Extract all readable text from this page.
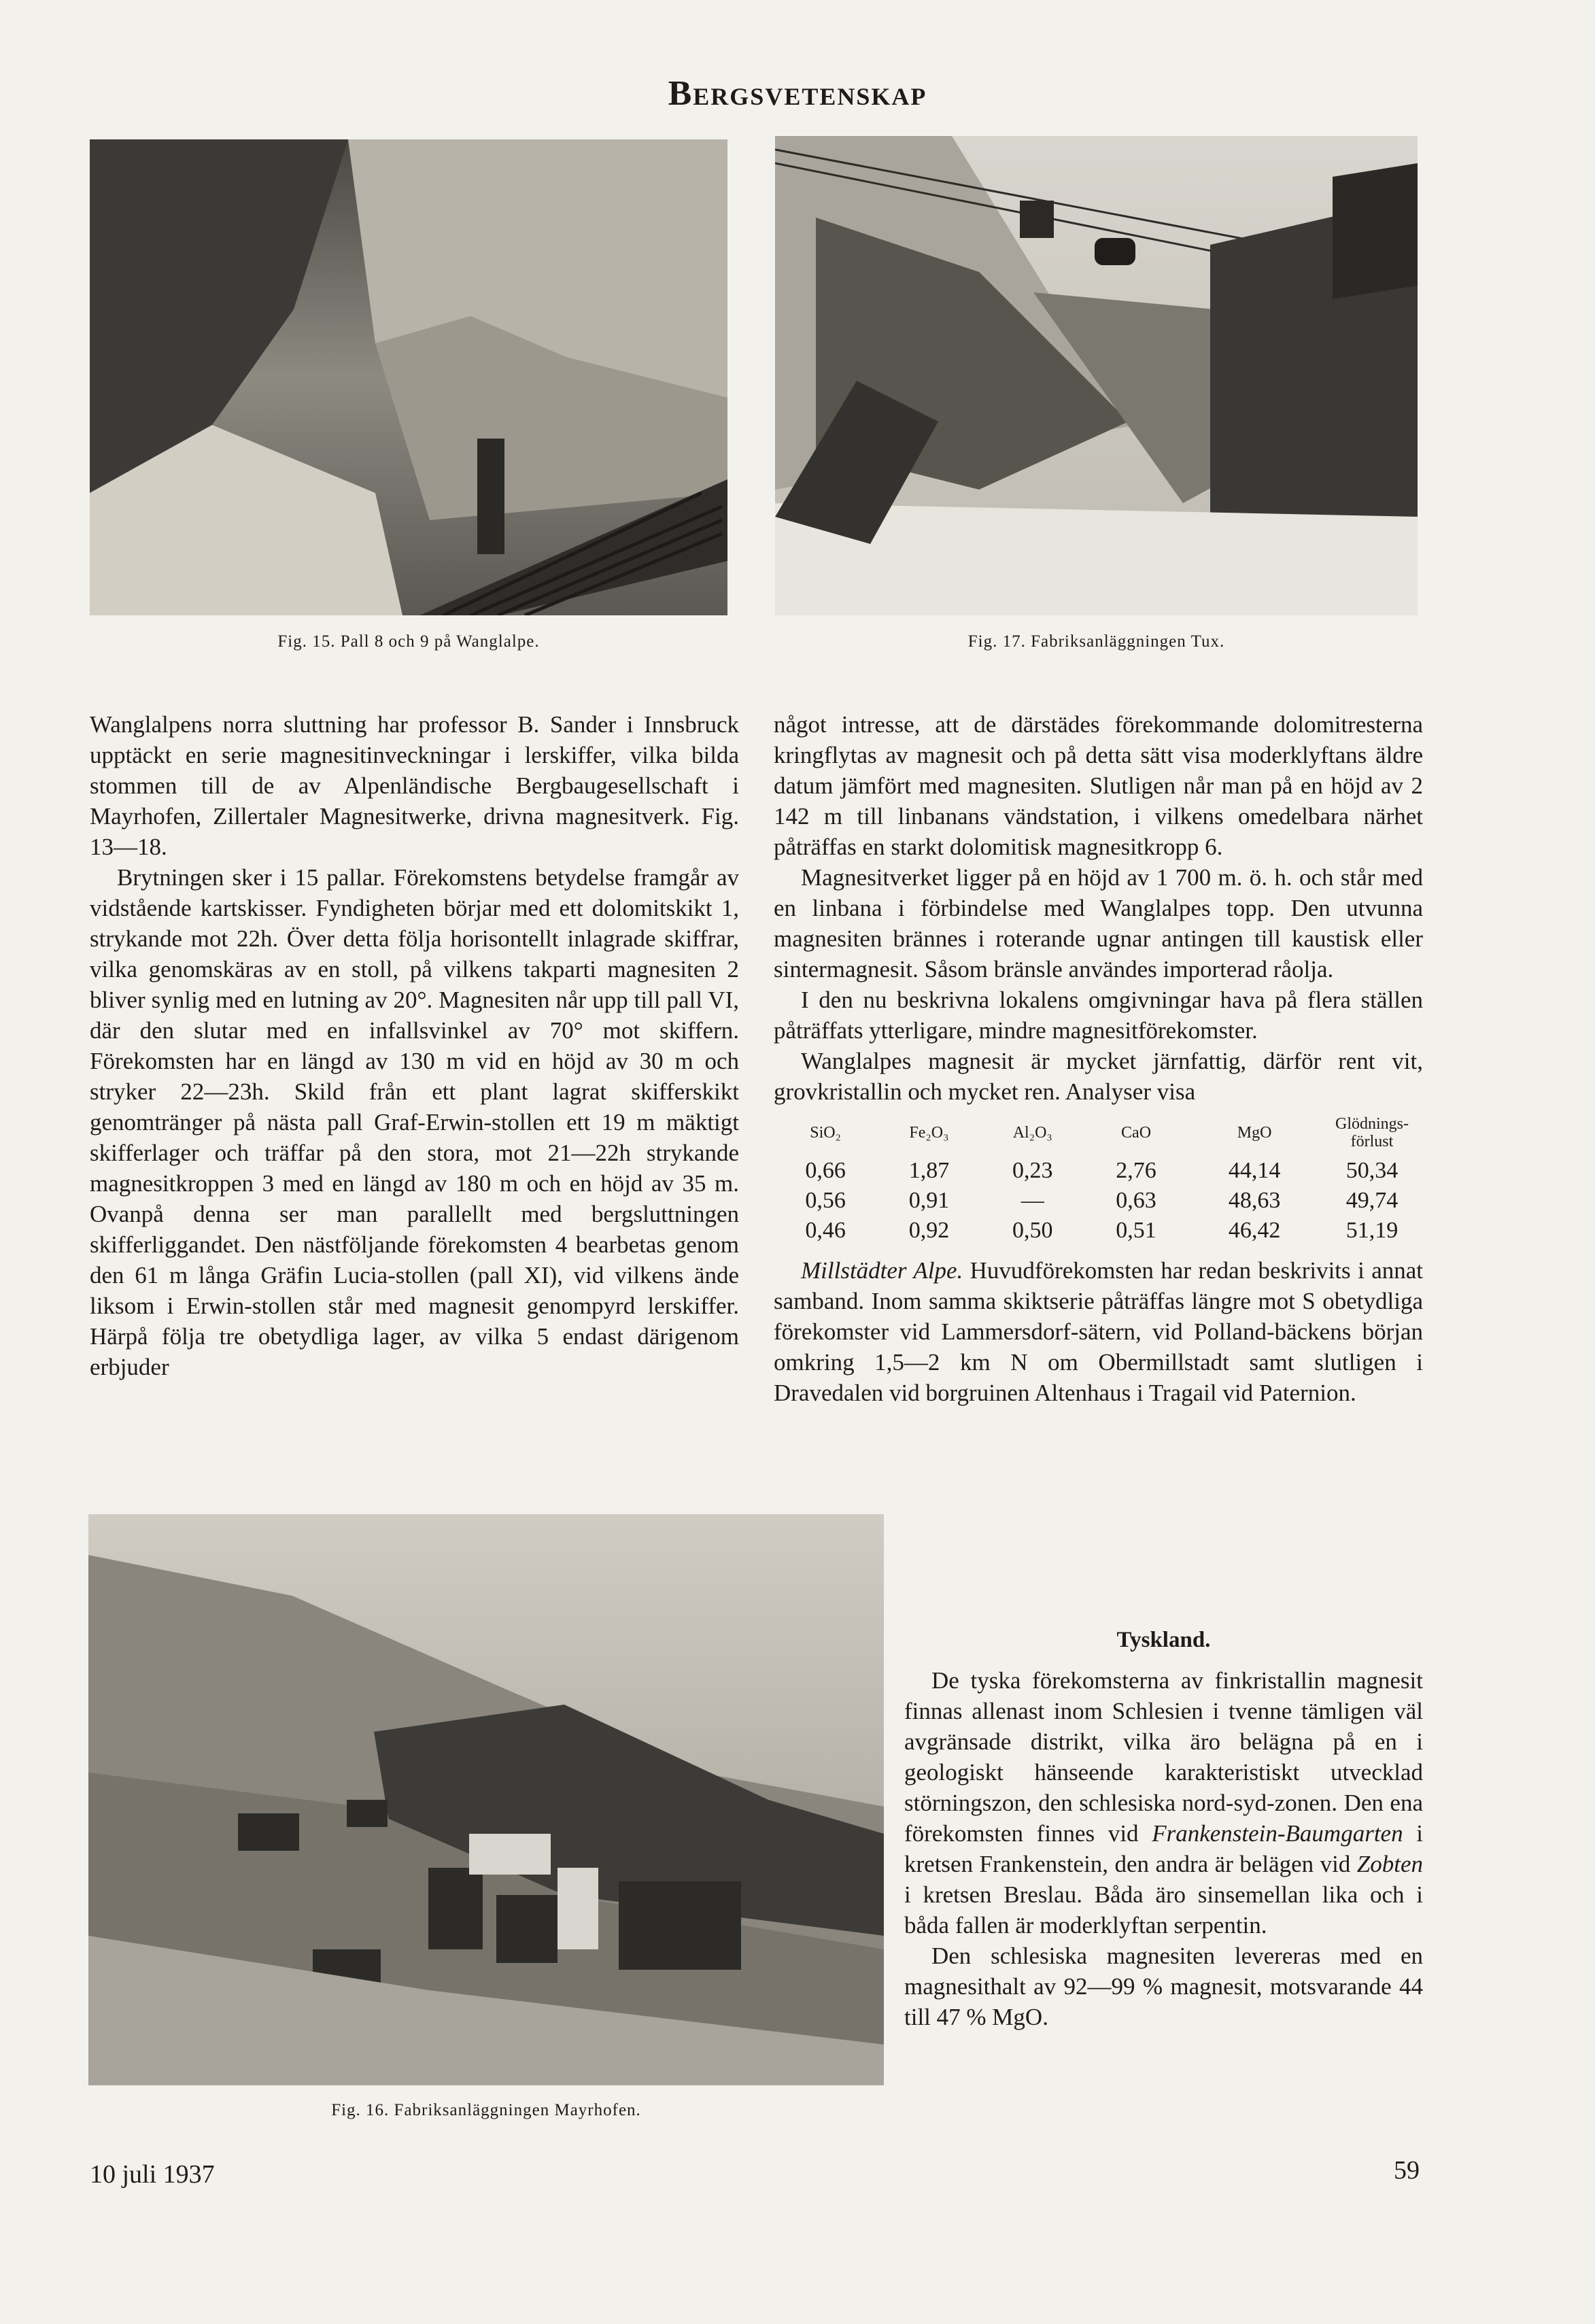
Bergsvetenskap
Fig. 15. Pall 8 och 9 på Wanglalpe.	Fig. 17. Fabriksanläggningen Tux.

Wanglalpens norra sluttning har professor B. Sander i Innsbruck upptäckt en serie magnesitinveckningar i lerskiffer, vilka bilda stommen till de av Alpenländische Bergbaugesellschaft i Mayrhofen, Zillertaler Magnesitwerke, drivna magnesitverk. Fig. 13—18.

Brytningen sker i 15 pallar. Förekomstens betydelse framgår av vidstående kartskisser. Fyndigheten börjar med ett dolomitskikt 1, strykande mot 22h. Över detta följa horisontellt inlagrade skiffrar, vilka genomskäras av en stoll, på vilkens takparti magnesiten 2 bliver synlig med en lutning av 20°. Magnesiten når upp till pall VI, där den slutar med en infallsvinkel av 70° mot skiffern. Förekomsten har en längd av 130 m vid en höjd av 30 m och stryker 22—23h. Skild från ett plant lagrat skifferskikt genomtränger på nästa pall Graf-Erwin-stollen ett 19 m mäktigt skifferlager och träffar på den stora, mot 21—22h strykande magnesitkroppen 3 med en längd av 180 m och en höjd av 35 m. Ovanpå denna ser man parallellt med bergsluttningen skifferliggandet. Den nästföljande förekomsten 4 bearbetas genom den 61 m långa Gräfin Lucia-stollen (pall XI), vid vilkens ände liksom i Erwin-stollen står med magnesit genompyrd lerskiffer. Härpå följa tre obetydliga lager, av vilka 5 endast därigenom erbjuder

Fig. 16. Fabriksanläggningen Mayrhofen.

något intresse, att de därstädes förekommande dolomitresterna kringflytas av magnesit och på detta sätt visa moderklyftans äldre datum jämfört med magnesiten. Slutligen når man på en höjd av 2 142 m till linbanans vändstation, i vilkens omedelbara närhet påträffas en starkt dolomitisk magnesitkropp 6.

Magnesitverket ligger på en höjd av 1 700 m. ö. h. och står med en linbana i förbindelse med Wanglalpes topp. Den utvunna magnesiten brännes i roterande ugnar antingen till kaustisk eller sintermagnesit. Såsom bränsle användes importerad råolja.

I den nu beskrivna lokalens omgivningar hava på flera ställen påträffats ytterligare, mindre magnesitförekomster.

Wanglalpes magnesit är mycket järnfattig, därför rent vit, grovkristallin och mycket ren. Analyser visa

SiO₂	Fe₂O₃	Al₂O₃	CaO	MgO	Glödnings-förlust
0,66	1,87	0,23	2,76	44,14	50,34
0,56	0,91	—	0,63	48,63	49,74
0,46	0,92	0,50	0,51	46,42	51,19

Millstädter Alpe. Huvudförekomsten har redan beskrivits i annat samband. Inom samma skiktserie påträffas längre mot S obetydliga förekomster vid Lammersdorf-sätern, vid Polland-bäckens början omkring 1,5—2 km N om Obermillstadt samt slutligen i Dravedalen vid borgruinen Altenhaus i Tragail vid Paternion.

Tyskland.

De tyska förekomsterna av finkristallin magnesit finnas allenast inom Schlesien i tvenne tämligen väl avgränsade distrikt, vilka äro belägna på en i geologiskt hänseende karakteristiskt utvecklad störningszon, den schlesiska nord-syd-zonen. Den ena förekomsten finnes vid Frankenstein-Baumgarten i kretsen Frankenstein, den andra är belägen vid Zobten i kretsen Breslau. Båda äro sinsemellan lika och i båda fallen är moderklyftan serpentin.

Den schlesiska magnesiten levereras med en magnesithalt av 92—99 % magnesit, motsvarande 44 till 47 % MgO.

10 juli 1937	59
